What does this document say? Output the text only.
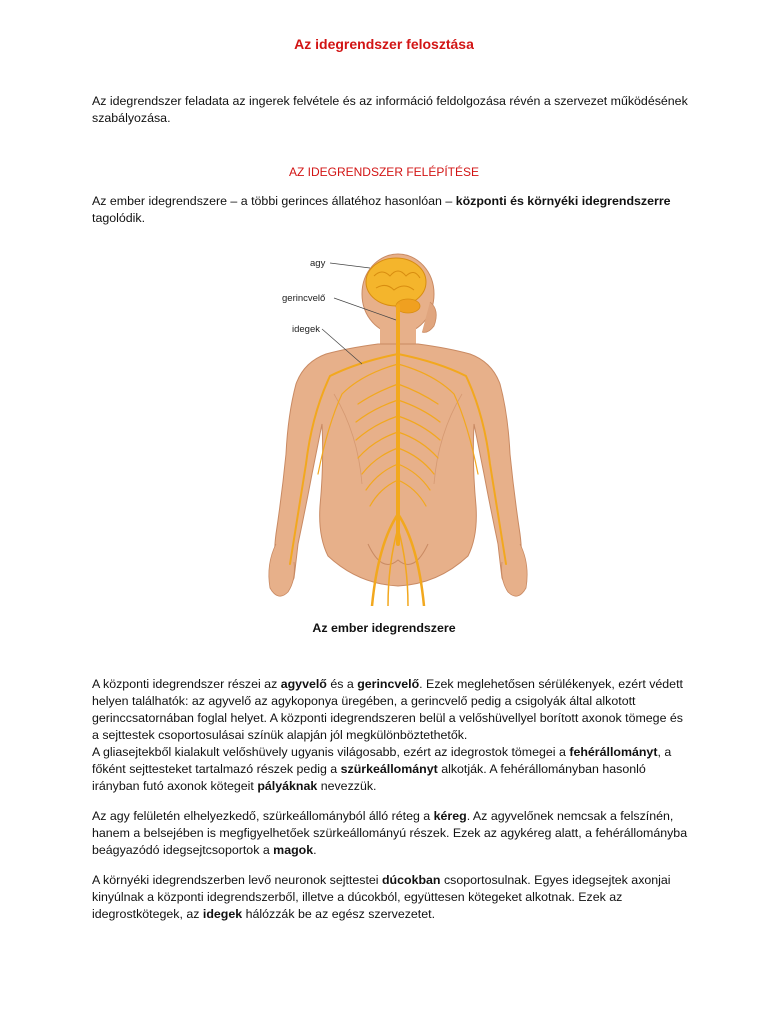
Az idegrendszer felosztása
Az idegrendszer feladata az ingerek felvétele és az információ feldolgozása révén a szervezet működésének szabályozása.
AZ IDEGRENDSZER FELÉPÍTÉSE
Az ember idegrendszere – a többi gerinces állatéhoz hasonlóan – központi és környéki idegrendszerre tagolódik.
agy
gerincvelő
idegek
Az ember idegrendszere
A központi idegrendszer részei az agyvelő és a gerincvelő. Ezek meglehetősen sérülékenyek, ezért védett helyen találhatók: az agyvelő az agykoponya üregében, a gerincvelő pedig a csigolyák által alkotott gerinccsatornában foglal helyet. A központi idegrendszeren belül a velőshüvellyel borított axonok tömege és a sejttestek csoportosulásai színük alapján jól megkülönböztethetők.
A gliasejtekből kialakult velőshüvely ugyanis világosabb, ezért az idegrostok tömegei a fehérállományt, a főként sejttesteket tartalmazó részek pedig a szürkeállományt alkotják. A fehérállományban hasonló irányban futó axonok kötegeit pályáknak nevezzük.
Az agy felületén elhelyezkedő, szürkeállományból álló réteg a kéreg. Az agyvelőnek nemcsak a felszínén, hanem a belsejében is megfigyelhetőek szürkeállományú részek. Ezek az agykéreg alatt, a fehérállományba beágyazódó idegsejtcsoportok a magok.
A környéki idegrendszerben levő neuronok sejttestei dúcokban csoportosulnak. Egyes idegsejtek axonjai kinyúlnak a központi idegrendszerből, illetve a dúcokból, együttesen kötegeket alkotnak. Ezek az idegrostkötegek, az idegek hálózzák be az egész szervezetet.
